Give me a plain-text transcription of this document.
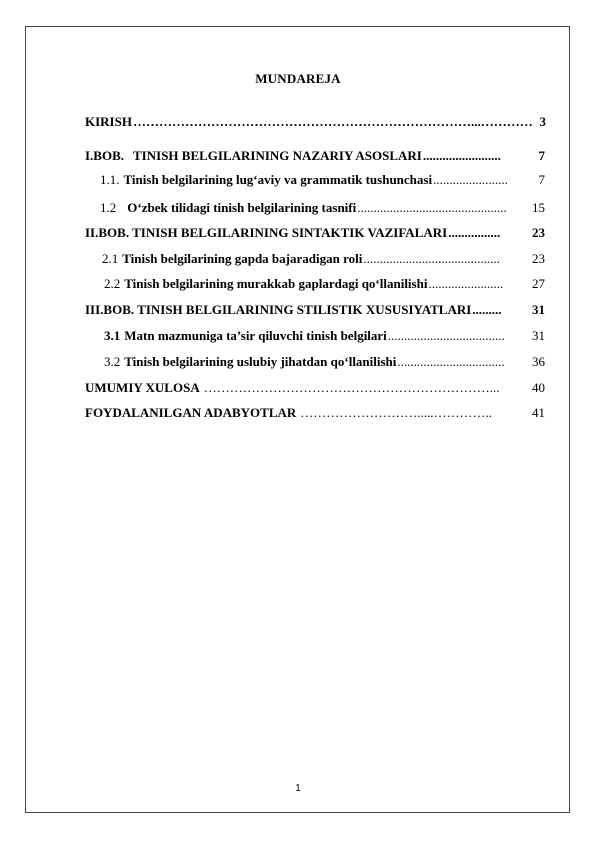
MUNDAREJA
KIRISH ……………………………………………………………………...………… 3
I.BOB. TINISH BELGILARINING NAZARIY ASOSLARI ........................	7
1.1. Tinish belgilarining lug‘aviy va grammatik tushunchasi .......................	7
1.2 O‘zbek tilidagi tinish belgilarining tasnifi ..............................................	15
II.BOB. TINISH BELGILARINING SINTAKTIK VAZIFALARI ................	23
2.1 Tinish belgilarining gapda bajaradigan roli ..........................................	23
2.2 Tinish belgilarining murakkab gaplardagi qo‘llanilishi .......................	27
III.BOB. TINISH BELGILARINING STILISTIK XUSUSIYATLARI .........	31
3.1 Matn mazmuniga ta’sir qiluvchi tinish belgilari ....................................	31
3.2 Tinish belgilarining uslubiy jihatdan qo‘llanilishi .................................	36
UMUMIY XULOSA …………………………………………………………...	40
FOYDALANILGAN ADABYOTLAR ……………………….....…………..	41
1
